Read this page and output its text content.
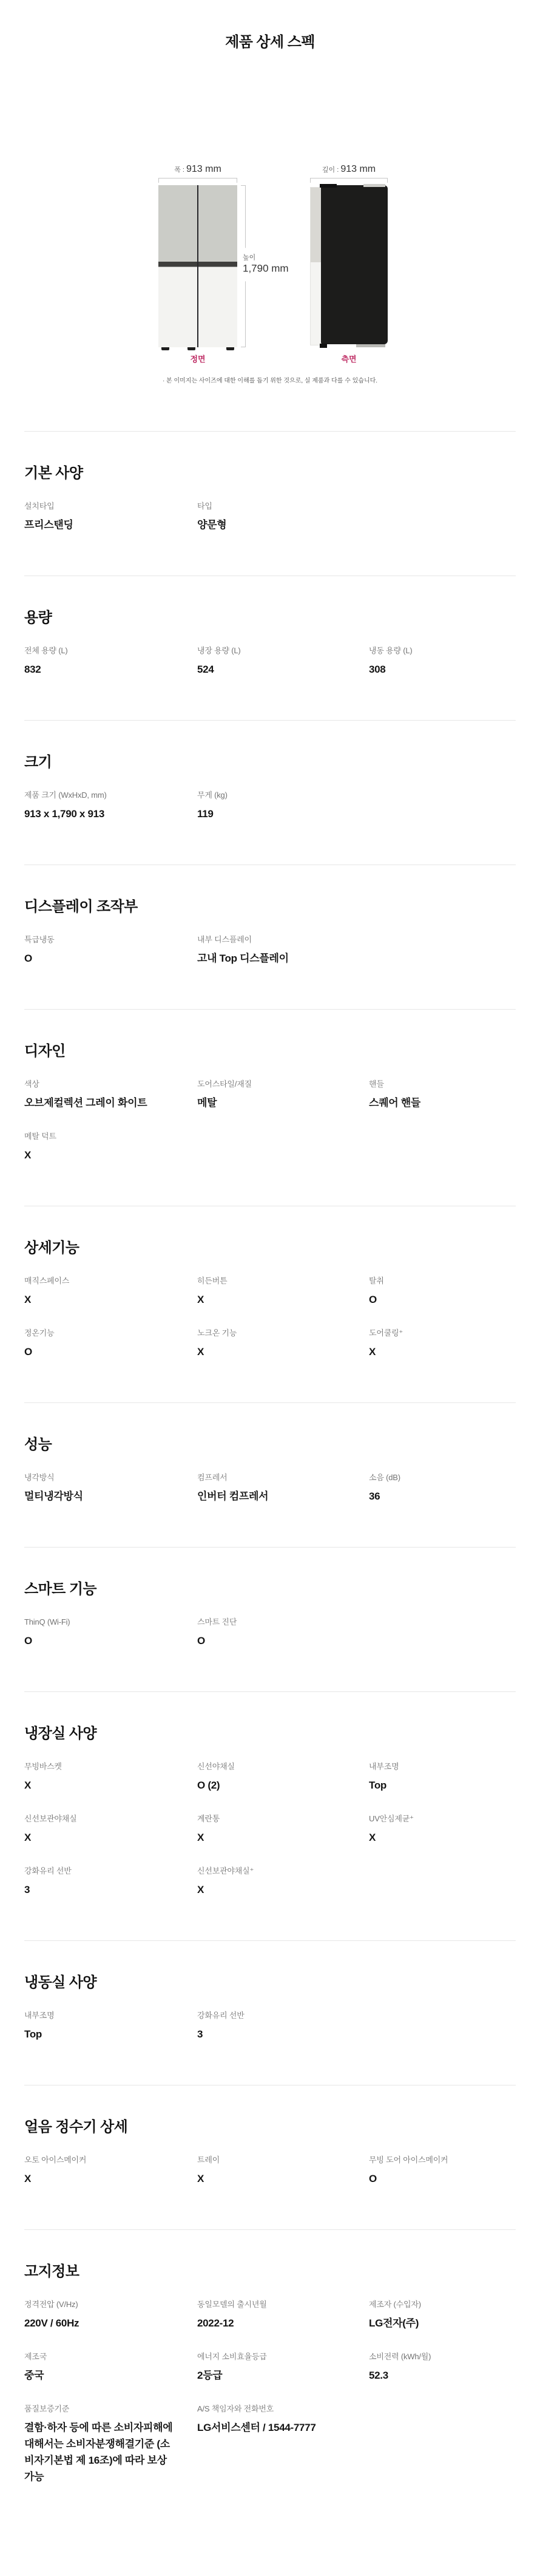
제품 상세 스펙
폭 : 913 mm
높이
1,790 mm
정면
깊이 : 913 mm
측면
· 본 이미지는 사이즈에 대한 이해를 돕기 위한 것으로, 실 제품과 다를 수 있습니다.
기본 사양
설치타입
프리스탠딩
타입
양문형
용량
전체 용량 (L)
832
냉장 용량 (L)
524
냉동 용량 (L)
308
크기
제품 크기 (WxHxD, mm)
913 x 1,790 x 913
무게 (kg)
119
디스플레이 조작부
특급냉동
O
내부 디스플레이
고내 Top 디스플레이
디자인
색상
오브제컬렉션 그레이 화이트
도어스타일/재질
메탈
핸들
스퀘어 핸들
메탈 덕트
X
상세기능
매직스페이스
X
히든버튼
X
탈취
O
정온기능
O
노크온 기능
X
도어쿨링⁺
X
성능
냉각방식
멀티냉각방식
컴프레서
인버터 컴프레서
소음 (dB)
36
스마트 기능
ThinQ (Wi-Fi)
O
스마트 진단
O
냉장실 사양
무빙바스켓
X
신선야채실
O (2)
내부조명
Top
신선보관야채실
X
계란통
X
UV안심제균⁺
X
강화유리 선반
3
신선보관야채실⁺
X
냉동실 사양
내부조명
Top
강화유리 선반
3
얼음 정수기 상세
오토 아이스메이커
X
트레이
X
무빙 도어 아이스메이커
O
고지정보
정격전압 (V/Hz)
220V / 60Hz
동일모델의 출시년월
2022-12
제조자 (수입자)
LG전자(주)
제조국
중국
에너지 소비효율등급
2등급
소비전력 (kWh/월)
52.3
품질보증기준
결함·하자 등에 따른 소비자피해에 대해서는 소비자분쟁해결기준 (소비자기본법 제 16조)에 따라 보상 가능
A/S 책임자와 전화번호
LG서비스센터 / 1544-7777
